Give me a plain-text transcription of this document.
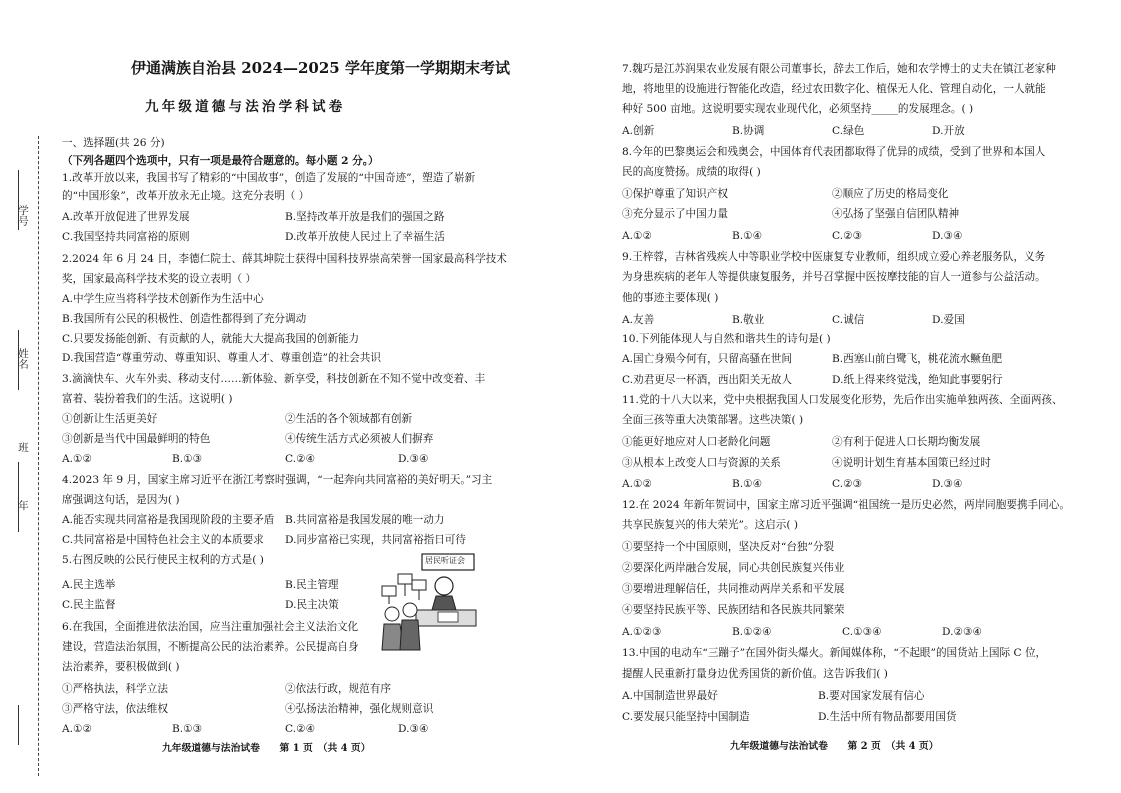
学号
姓名
班
年
伊通满族自治县 2024—2025 学年度第一学期期末考试
九年级道德与法治学科试卷
一、选择题(共 26 分)
（下列各题四个选项中，只有一项是最符合题意的。每小题 2 分。）
1.改革开放以来，我国书写了精彩的“中国故事”，创造了发展的“中国奇迹”，塑造了崭新
的“中国形象”，改革开放永无止境。这充分表明（ ）
A.改革开放促进了世界发展	B.坚持改革开放是我们的强国之路
C.我国坚持共同富裕的原则	D.改革开放使人民过上了幸福生活
2.2024 年 6 月 24 日，李德仁院士、薛其坤院士获得中国科技界崇高荣誉一国家最高科学技术
奖，国家最高科学技术奖的设立表明（ ）
A.中学生应当将科学技术创新作为生活中心
B.我国所有公民的积极性、创造性都得到了充分调动
C.只要发扬能创新、有贡献的人，就能大大提高我国的创新能力
D.我国营造“尊重劳动、尊重知识、尊重人才、尊重创造”的社会共识
3.滴滴快车、火车外卖、移动支付……新体验、新享受，科技创新在不知不觉中改变着、丰
富着、装扮着我们的生活。这说明( )
①创新让生活更美好	②生活的各个领域都有创新
③创新是当代中国最鲜明的特色	④传统生活方式必须被人们摒弃
A.①②	B.①③	C.②④	D.③④
4.2023 年 9 月，国家主席习近平在浙江考察时强调，“一起奔向共同富裕的美好明天。”习主
席强调这句话，是因为( )
A.能否实现共同富裕是我国现阶段的主要矛盾 B.共同富裕是我国发展的唯一动力
C.共同富裕是中国特色社会主义的本质要求 D.同步富裕已实现，共同富裕指日可待
5.右图反映的公民行使民主权利的方式是( )
A.民主选举	B.民主管理
C.民主监督	D.民主决策
居民听证会
6.在我国，全面推进依法治国，应当注重加强社会主义法治文化
建设，营造法治氛围，不断提高公民的法治素养。公民提高自身
法治素养，要积极做到( )
①严格执法，科学立法	②依法行政，规范有序
③严格守法，依法维权	④弘扬法治精神，强化规则意识
A.①②	B.①③	C.②④	D.③④
九年级道德与法治试卷　　第 1 页　（共 4 页）
7.魏巧是江苏润果农业发展有限公司董事长，辞去工作后，她和农学博士的丈夫在镇江老家种
地，将地里的设施进行智能化改造，经过农田数字化、植保无人化、管理自动化，一人就能
种好 500 亩地。这说明要实现农业现代化，必须坚持_____的发展理念。( )
A.创新	B.协调	C.绿色	D.开放
8.今年的巴黎奥运会和残奥会，中国体育代表团都取得了优异的成绩，受到了世界和本国人
民的高度赞扬。成绩的取得( )
①保护尊重了知识产权	②顺应了历史的格局变化
③充分显示了中国力量	④弘扬了坚强自信团队精神
A.①②	B.①④	C.②③	D.③④
9.王梓蓉，吉林省残疾人中等职业学校中医康复专业教师，组织成立爱心养老服务队，义务
为身患疾病的老年人等提供康复服务，并号召掌握中医按摩技能的盲人一道参与公益活动。
他的事迹主要体现( )
A.友善	B.敬业	C.诚信	D.爱国
10.下列能体现人与自然和谐共生的诗句是( )
A.国亡身殒今何有，只留高骚在世间	B.西塞山前白鹭飞，桃花流水鳜鱼肥
C.劝君更尽一杯酒，西出阳关无故人	D.纸上得来终觉浅，绝知此事要躬行
11.党的十八大以来，党中央根据我国人口发展变化形势，先后作出实施单独两孩、全面两孩、
全面三孩等重大决策部署。这些决策( )
①能更好地应对人口老龄化问题	②有利于促进人口长期均衡发展
③从根本上改变人口与资源的关系	④说明计划生育基本国策已经过时
A.①②	B.①④	C.②③	D.③④
12.在 2024 年新年贺词中，国家主席习近平强调“祖国统一是历史必然，两岸同胞要携手同心。
共享民族复兴的伟大荣光”。这启示( )
①要坚持一个中国原则，坚决反对“台独”分裂
②要深化两岸融合发展，同心共创民族复兴伟业
③要增进理解信任，共同推动两岸关系和平发展
④要坚持民族平等、民族团结和各民族共同繁荣
A.①②③	B.①②④	C.①③④	D.②③④
13.中国的电动车“三蹦子”在国外街头爆火。新闻媒体称，“不起眼”的国货站上国际 C 位，
提醒人民重新打量身边优秀国货的新价值。这告诉我们( )
A.中国制造世界最好	B.要对国家发展有信心
C.要发展只能坚持中国制造	D.生活中所有物品都要用国货
九年级道德与法治试卷　　第 2 页　（共 4 页）
